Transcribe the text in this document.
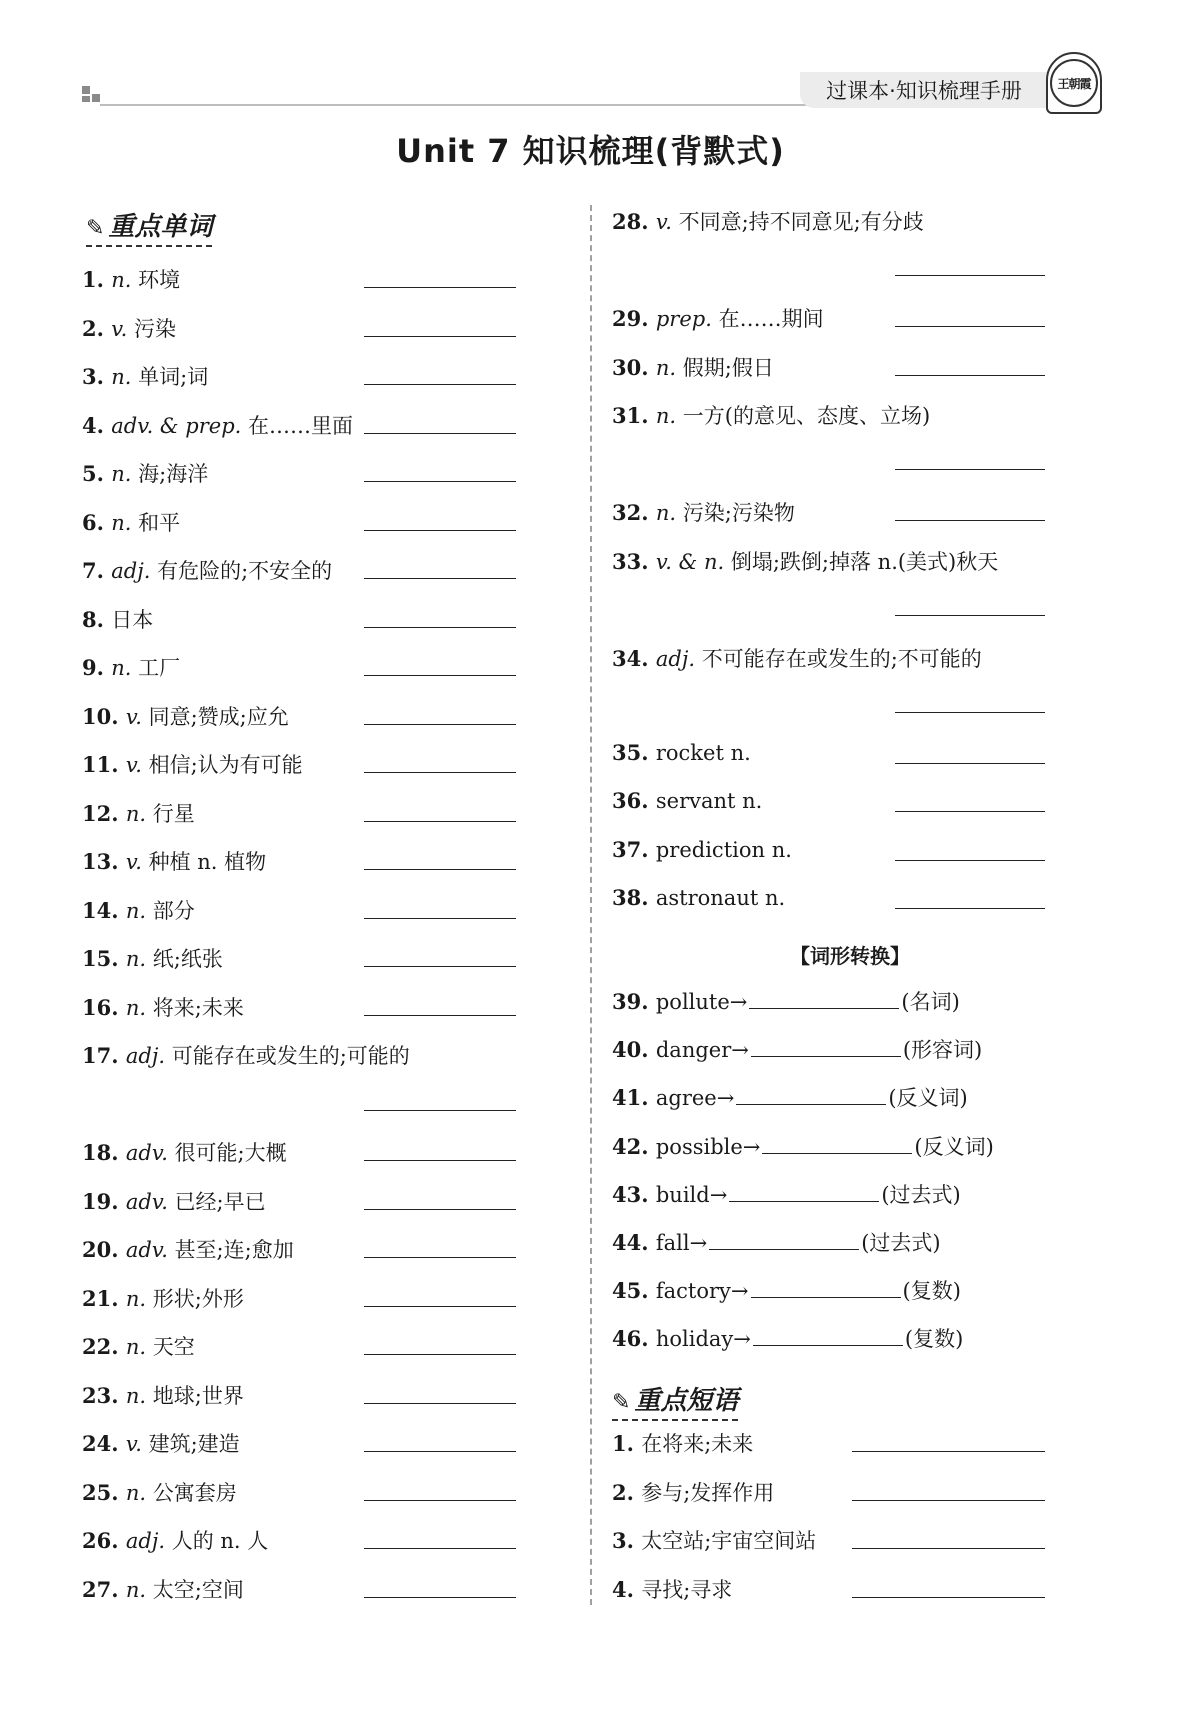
过课本·知识梳理手册	王朝霞
Unit 7 知识梳理(背默式)
✎ 重点单词
1. n. 环境
2. v. 污染
3. n. 单词;词
4. adv. & prep. 在……里面
5. n. 海;海洋
6. n. 和平
7. adj. 有危险的;不安全的
8. 日本
9. n. 工厂
10. v. 同意;赞成;应允
11. v. 相信;认为有可能
12. n. 行星
13. v. 种植 n. 植物
14. n. 部分
15. n. 纸;纸张
16. n. 将来;未来
17. adj. 可能存在或发生的;可能的
18. adv. 很可能;大概
19. adv. 已经;早已
20. adv. 甚至;连;愈加
21. n. 形状;外形
22. n. 天空
23. n. 地球;世界
24. v. 建筑;建造
25. n. 公寓套房
26. adj. 人的 n. 人
27. n. 太空;空间
28. v. 不同意;持不同意见;有分歧
29. prep. 在……期间
30. n. 假期;假日
31. n. 一方(的意见、态度、立场)
32. n. 污染;污染物
33. v. & n. 倒塌;跌倒;掉落 n.(美式)秋天
34. adj. 不可能存在或发生的;不可能的
35. rocket n.
36. servant n.
37. prediction n.
38. astronaut n.
39. pollute→	(名词)
40. danger→	(形容词)
41. agree→	(反义词)
42. possible→	(反义词)
43. build→	(过去式)
44. fall→	(过去式)
45. factory→	(复数)
46. holiday→	(复数)
1. 在将来;未来
2. 参与;发挥作用
3. 太空站;宇宙空间站
4. 寻找;寻求
【词形转换】
✎ 重点短语
